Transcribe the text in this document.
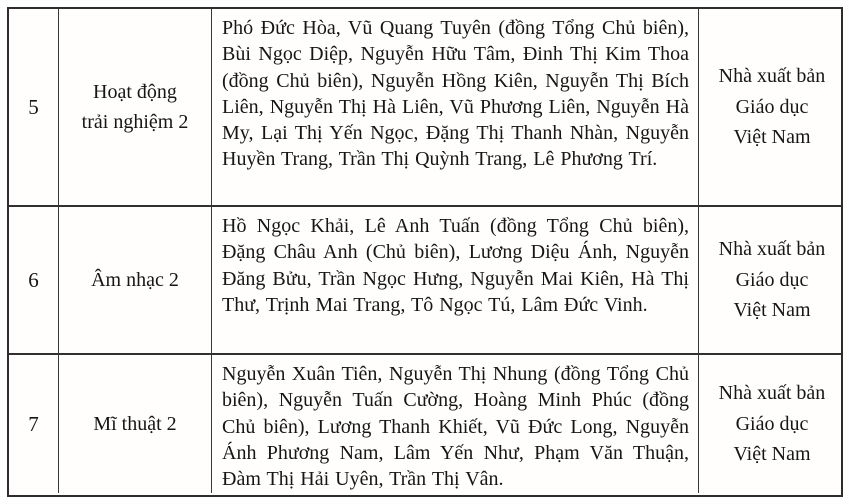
5
Hoạt động
trải nghiệm 2
Phó Đức Hòa, Vũ Quang Tuyên (đồng Tổng Chủ biên), Bùi Ngọc Diệp, Nguyễn Hữu Tâm, Đinh Thị Kim Thoa (đồng Chủ biên), Nguyễn Hồng Kiên, Nguyễn Thị Bích Liên, Nguyễn Thị Hà Liên, Vũ Phương Liên, Nguyễn Hà My, Lại Thị Yến Ngọc, Đặng Thị Thanh Nhàn, Nguyễn Huyền Trang, Trần Thị Quỳnh Trang, Lê Phương Trí.
Nhà xuất bản
Giáo dục
Việt Nam
6	Âm nhạc 2
Hồ Ngọc Khải, Lê Anh Tuấn (đồng Tổng Chủ biên), Đặng Châu Anh (Chủ biên), Lương Diệu Ánh, Nguyễn Đăng Bửu, Trần Ngọc Hưng, Nguyễn Mai Kiên, Hà Thị Thư, Trịnh Mai Trang, Tô Ngọc Tú, Lâm Đức Vinh.
Nhà xuất bản
Giáo dục
Việt Nam
7	Mĩ thuật 2
Nguyễn Xuân Tiên, Nguyễn Thị Nhung (đồng Tổng Chủ biên), Nguyễn Tuấn Cường, Hoàng Minh Phúc (đồng Chủ biên), Lương Thanh Khiết, Vũ Đức Long, Nguyễn Ánh Phương Nam, Lâm Yến Như, Phạm Văn Thuận, Đàm Thị Hải Uyên, Trần Thị Vân.
Nhà xuất bản
Giáo dục
Việt Nam
